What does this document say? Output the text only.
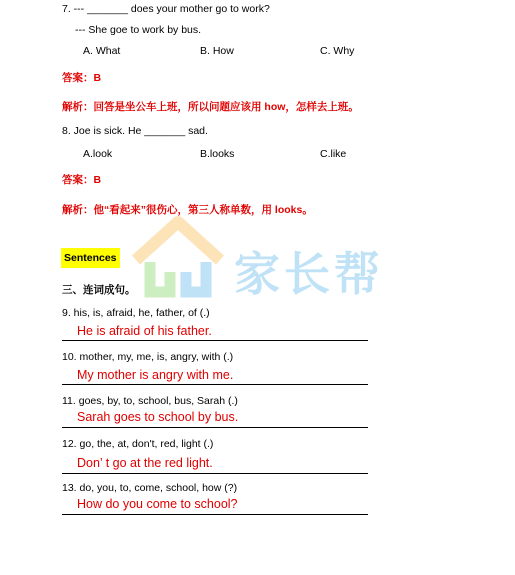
家长帮
7. --- _______ does your mother go to work?
--- She goe to work by bus.
A. What	B. How	C. Why
答案：B
解析：回答是坐公车上班，所以问题应该用 how，怎样去上班。
8. Joe is sick. He _______ sad.
A.look	B.looks	C.like
答案：B
解析：他“看起来”很伤心，第三人称单数，用 looks。
Sentences
三、连词成句。
9. his, is, afraid, he, father, of (.)
He is afraid of his father.
10. mother, my, me, is, angry, with (.)
My mother is angry with me.
11. goes, by, to, school, bus, Sarah (.)
Sarah goes to school by bus.
12. go, the, at, don't, red, light (.)
Don’ t go at the red light.
13. do, you, to, come, school, how (?)
How do you come to school?
